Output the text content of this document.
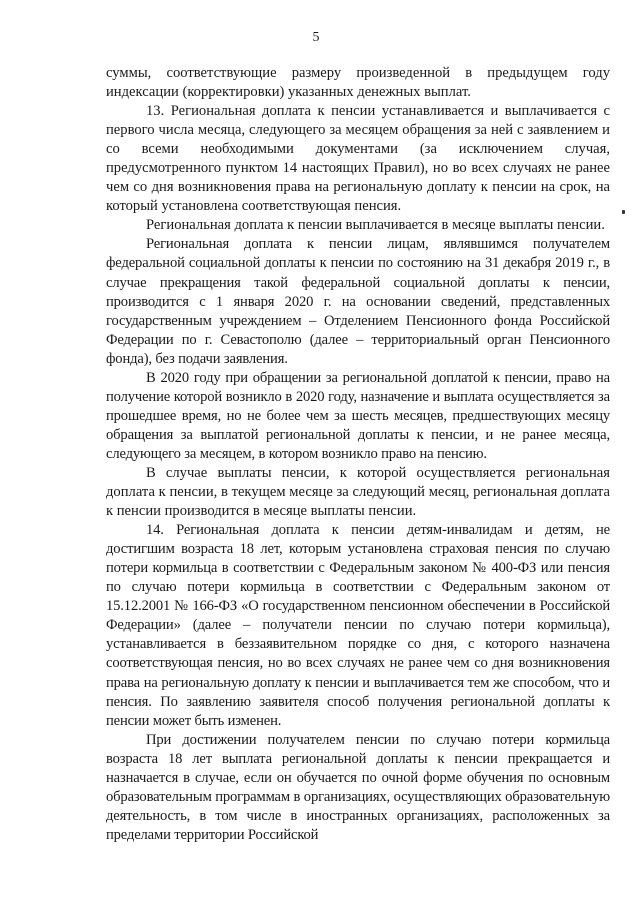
5

суммы, соответствующие размеру произведенной в предыдущем году индексации (корректировки) указанных денежных выплат.

13. Региональная доплата к пенсии устанавливается и выплачивается с первого числа месяца, следующего за месяцем обращения за ней с заявлением и со всеми необходимыми документами (за исключением случая, предусмотренного пунктом 14 настоящих Правил), но во всех случаях не ранее чем со дня возникновения права на региональную доплату к пенсии на срок, на который установлена соответствующая пенсия.

Региональная доплата к пенсии выплачивается в месяце выплаты пенсии.

Региональная доплата к пенсии лицам, являвшимся получателем федеральной социальной доплаты к пенсии по состоянию на 31 декабря 2019 г., в случае прекращения такой федеральной социальной доплаты к пенсии, производится с 1 января 2020 г. на основании сведений, представленных государственным учреждением – Отделением Пенсионного фонда Российской Федерации по г. Севастополю (далее – территориальный орган Пенсионного фонда), без подачи заявления.

В 2020 году при обращении за региональной доплатой к пенсии, право на получение которой возникло в 2020 году, назначение и выплата осуществляется за прошедшее время, но не более чем за шесть месяцев, предшествующих месяцу обращения за выплатой региональной доплаты к пенсии, и не ранее месяца, следующего за месяцем, в котором возникло право на пенсию.

В случае выплаты пенсии, к которой осуществляется региональная доплата к пенсии, в текущем месяце за следующий месяц, региональная доплата к пенсии производится в месяце выплаты пенсии.

14. Региональная доплата к пенсии детям-инвалидам и детям, не достигшим возраста 18 лет, которым установлена страховая пенсия по случаю потери кормильца в соответствии с Федеральным законом № 400-ФЗ или пенсия по случаю потери кормильца в соответствии с Федеральным законом от 15.12.2001 № 166-ФЗ «О государственном пенсионном обеспечении в Российской Федерации» (далее – получатели пенсии по случаю потери кормильца), устанавливается в беззаявительном порядке со дня, с которого назначена соответствующая пенсия, но во всех случаях не ранее чем со дня возникновения права на региональную доплату к пенсии и выплачивается тем же способом, что и пенсия. По заявлению заявителя способ получения региональной доплаты к пенсии может быть изменен.

При достижении получателем пенсии по случаю потери кормильца возраста 18 лет выплата региональной доплаты к пенсии прекращается и назначается в случае, если он обучается по очной форме обучения по основным образовательным программам в организациях, осуществляющих образовательную деятельность, в том числе в иностранных организациях, расположенных за пределами территории Российской
